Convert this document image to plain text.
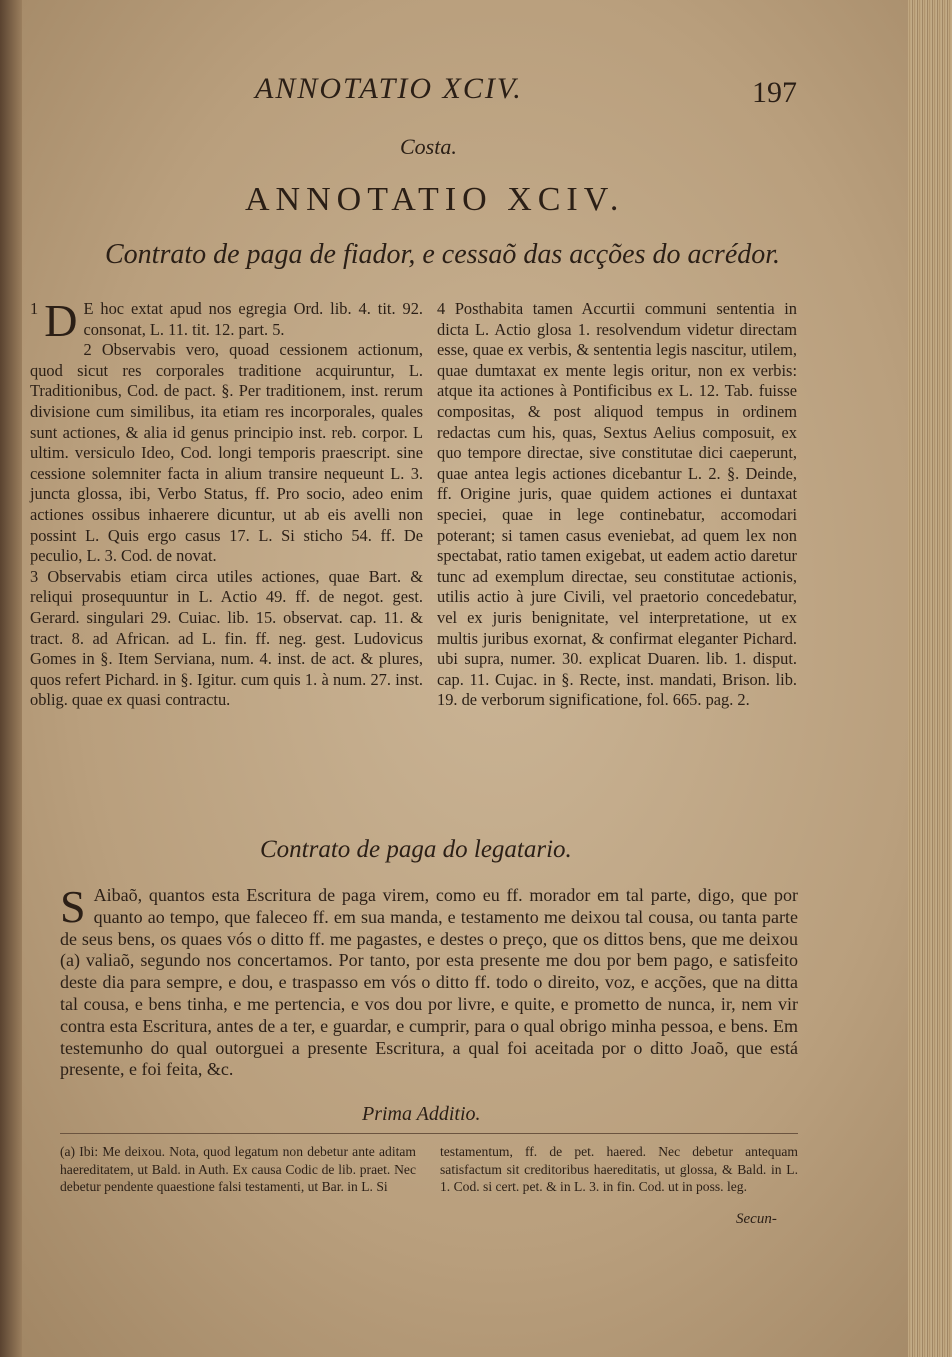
ANNOTATIO XCIV.	197
Costa.
ANNOTATIO XCIV.
Contrato de paga de fiador, e cessaõ das acções do acrédor.

1 D E hoc extat apud nos egregia Ord. lib. 4. tit. 92. consonat, L. 11. tit. 12. part. 5.

2 Observabis vero, quoad cessionem actionum, quod sicut res corporales traditione acquiruntur, L. Traditionibus, Cod. de pact. §. Per traditionem, inst. rerum divisione cum similibus, ita etiam res incorporales, quales sunt actiones, & alia id genus principio inst. reb. corpor. L ultim. versiculo Ideo, Cod. longi temporis praescript. sine cessione solemniter facta in alium transire nequeunt L. 3. juncta glossa, ibi, Verbo Status, ff. Pro socio, adeo enim actiones ossibus inhaerere dicuntur, ut ab eis avelli non possint L. Quis ergo casus 17. L. Si sticho 54. ff. De peculio, L. 3. Cod. de novat.

3 Observabis etiam circa utiles actiones, quae Bart. & reliqui prosequuntur in L. Actio 49. ff. de negot. gest. Gerard. singulari 29. Cuiac. lib. 15. observat. cap. 11. & tract. 8. ad African. ad L. fin. ff. neg. gest. Ludovicus Gomes in §. Item Serviana, num. 4. inst. de act. & plures, quos refert Pichard. in §. Igitur. cum quis 1. à num. 27. inst. oblig. quae ex quasi contractu.

4 Posthabita tamen Accurtii communi sententia in dicta L. Actio glosa 1. resolvendum videtur directam esse, quae ex verbis, & sententia legis nascitur, utilem, quae dumtaxat ex mente legis oritur, non ex verbis: atque ita actiones à Pontificibus ex L. 12. Tab. fuisse compositas, & post aliquod tempus in ordinem redactas cum his, quas, Sextus Aelius composuit, ex quo tempore directae, sive constitutae dici caeperunt, quae antea legis actiones dicebantur L. 2. §. Deinde, ff. Origine juris, quae quidem actiones ei duntaxat speciei, quae in lege continebatur, accomodari poterant; si tamen casus eveniebat, ad quem lex non spectabat, ratio tamen exigebat, ut eadem actio daretur tunc ad exemplum directae, seu constitutae actionis, utilis actio à jure Civili, vel praetorio concedebatur, vel ex juris benignitate, vel interpretatione, ut ex multis juribus exornat, & confirmat eleganter Pichard. ubi supra, numer. 30. explicat Duaren. lib. 1. disput. cap. 11. Cujac. in §. Recte, inst. mandati, Brison. lib. 19. de verborum significatione, fol. 665. pag. 2.

Contrato de paga do legatario.

S Aibaõ, quantos esta Escritura de paga virem, como eu ff. morador em tal parte, digo, que por quanto ao tempo, que faleceo ff. em sua manda, e testamento me deixou tal cousa, ou tanta parte de seus bens, os quaes vós o ditto ff. me pagastes, e destes o preço, que os dittos bens, que me deixou (a) valiaõ, segundo nos concertamos. Por tanto, por esta presente me dou por bem pago, e satisfeito deste dia para sempre, e dou, e traspasso em vós o ditto ff. todo o direito, voz, e acções, que na ditta tal cousa, e bens tinha, e me pertencia, e vos dou por livre, e quite, e prometto de nunca, ir, nem vir contra esta Escritura, antes de a ter, e guardar, e cumprir, para o qual obrigo minha pessoa, e bens. Em testemunho do qual outorguei a presente Escritura, a qual foi aceitada por o ditto Joaõ, que está presente, e foi feita, &c.

Prima Additio.
(a) Ibi: Me deixou. Nota, quod legatum non debetur ante aditam haereditatem, ut Bald. in Auth. Ex causa Codic de lib. praet. Nec debetur pendente quaestione falsi testamenti, ut Bar. in L. Si
testamentum, ff. de pet. haered. Nec debetur antequam satisfactum sit creditoribus haereditatis, ut glossa, & Bald. in L. 1. Cod. si cert. pet. & in L. 3. in fin. Cod. ut in poss. leg.
Secun-
